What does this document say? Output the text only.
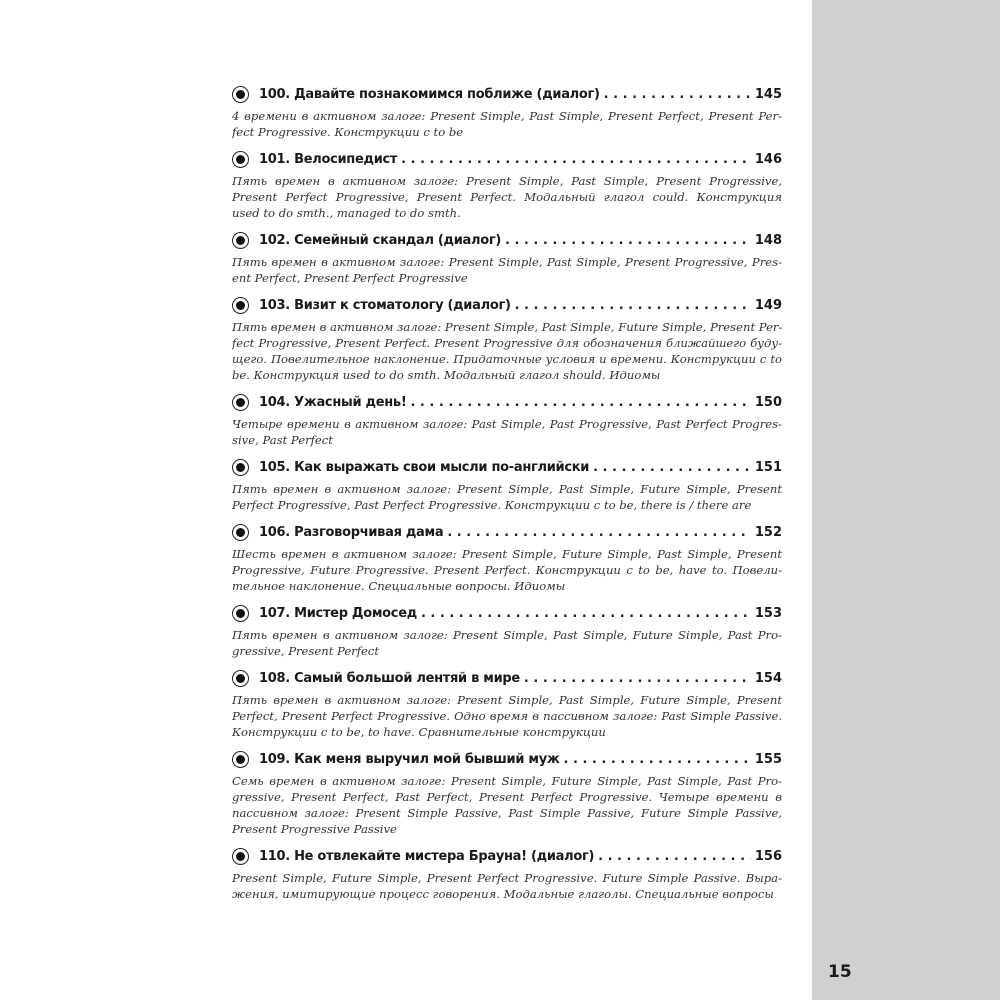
100. Давайте познакомимся поближе (диалог) . . .	145
4 времени в активном залоге: Present Simple, Past Simple, Present Perfect, Present Per-
fect Progressive. Конструкции с to be
101. Велосипедист . . .	146
Пять времен в активном залоге: Present Simple, Past Simple, Present Progressive,
Present Perfect Progressive, Present Perfect. Модальный глагол could. Конструкция
used to do smth., managed to do smth.
102. Семейный скандал (диалог) . . .	148
Пять времен в активном залоге: Present Simple, Past Simple, Present Progressive, Pres-
ent Perfect, Present Perfect Progressive
103. Визит к стоматологу (диалог) . . .	149
Пять времен в активном залоге: Present Simple, Past Simple, Future Simple, Present Per-
fect Progressive, Present Perfect. Present Progressive для обозначения ближайшего буду-
щего. Повелительное наклонение. Придаточные условия и времени. Конструкции с to
be. Конструкция used to do smth. Модальный глагол should. Идиомы
104. Ужасный день! . . .	150
Четыре времени в активном залоге: Past Simple, Past Progressive, Past Perfect Progres-
sive, Past Perfect
105. Как выражать свои мысли по-английски . . .	151
Пять времен в активном залоге: Present Simple, Past Simple, Future Simple, Present
Perfect Progressive, Past Perfect Progressive. Конструкции с to be, there is / there are
106. Разговорчивая дама . . .	152
Шесть времен в активном залоге: Present Simple, Future Simple, Past Simple, Present
Progressive, Future Progressive. Present Perfect. Конструкции с to be, have to. Повели-
тельное наклонение. Специальные вопросы. Идиомы
107. Мистер Домосед . . .	153
Пять времен в активном залоге: Present Simple, Past Simple, Future Simple, Past Pro-
gressive, Present Perfect
108. Самый большой лентяй в мире . . .	154
Пять времен в активном залоге: Present Simple, Past Simple, Future Simple, Present
Perfect, Present Perfect Progressive. Одно время в пассивном залоге: Past Simple Passive.
Конструкции с to be, to have. Сравнительные конструкции
109. Как меня выручил мой бывший муж . . .	155
Семь времен в активном залоге: Present Simple, Future Simple, Past Simple, Past Pro-
gressive, Present Perfect, Past Perfect, Present Perfect Progressive. Четыре времени в
пассивном залоге: Present Simple Passive, Past Simple Passive, Future Simple Passive,
Present Progressive Passive
110. Не отвлекайте мистера Брауна! (диалог) . . .	156
Present Simple, Future Simple, Present Perfect Progressive. Future Simple Passive. Выра-
жения, имитирующие процесс говорения. Модальные глаголы. Специальные вопросы
15
